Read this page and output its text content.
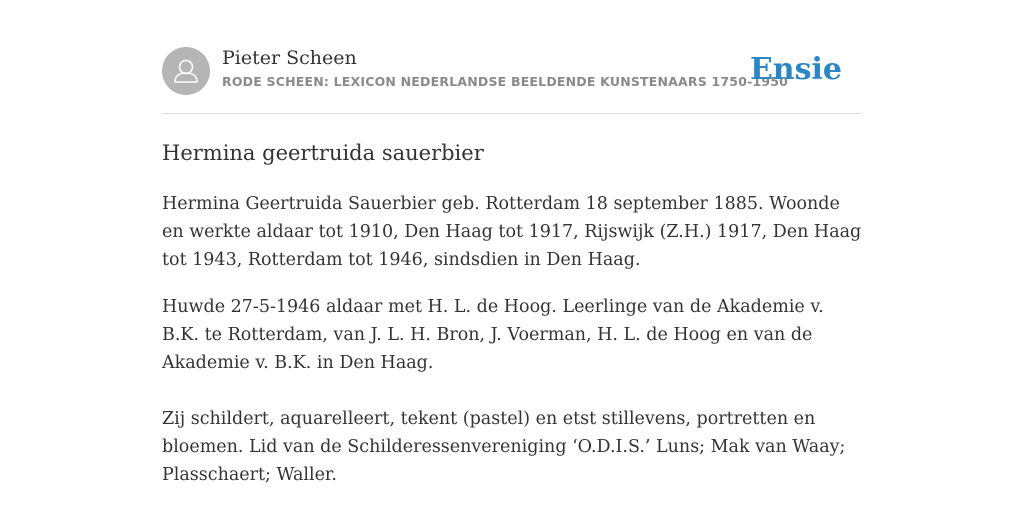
Pieter Scheen
RODE SCHEEN: LEXICON NEDERLANDSE BEELDENDE KUNSTENAARS 1750-1950
Ensie
Hermina geertruida sauerbier

Hermina Geertruida Sauerbier geb. Rotterdam 18 september 1885. Woonde en werkte aldaar tot 1910, Den Haag tot 1917, Rijswijk (Z.H.) 1917, Den Haag tot 1943, Rotterdam tot 1946, sindsdien in Den Haag.

Huwde 27-5-1946 aldaar met H. L. de Hoog. Leerlinge van de Akademie v. B.K. te Rotterdam, van J. L. H. Bron, J. Voerman, H. L. de Hoog en van de Akademie v. B.K. in Den Haag.

Zij schildert, aquarelleert, tekent (pastel) en etst stillevens, portretten en bloemen. Lid van de Schilderessenvereniging ‘O.D.I.S.’ Luns; Mak van Waay; Plasschaert; Waller.
